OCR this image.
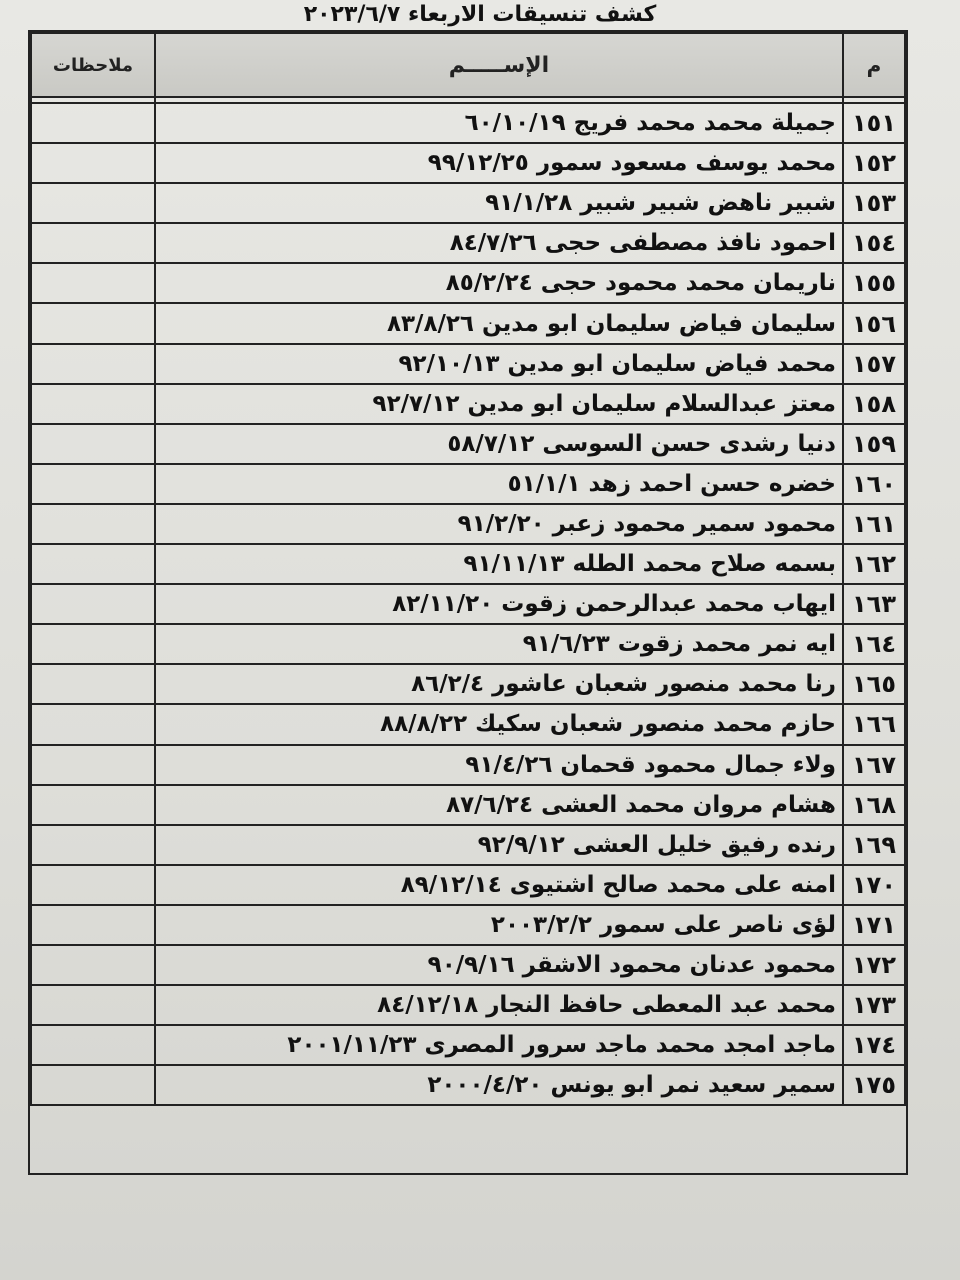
كشف تنسيقات الاربعاء ٢٠٢٣/٦/٧
م	الإســـــم	ملاحظات

١٥١	جميلة محمد محمد فريج ٦٠/١٠/١٩	
١٥٢	محمد يوسف مسعود سمور ٩٩/١٢/٢٥	
١٥٣	شبير ناهض شبير شبير ٩١/١/٢٨	
١٥٤	احمود نافذ مصطفى حجى ٨٤/٧/٢٦	
١٥٥	ناريمان محمد محمود حجى ٨٥/٢/٢٤	
١٥٦	سليمان فياض سليمان ابو مدين ٨٣/٨/٢٦	
١٥٧	محمد فياض سليمان ابو مدين ٩٢/١٠/١٣	
١٥٨	معتز عبدالسلام سليمان ابو مدين ٩٢/٧/١٢	
١٥٩	دنيا رشدى حسن السوسى ٥٨/٧/١٢	
١٦٠	خضره حسن احمد زهد ٥١/١/١	
١٦١	محمود سمير محمود زعبر ٩١/٢/٢٠	
١٦٢	بسمه صلاح محمد الطله ٩١/١١/١٣	
١٦٣	ايهاب محمد عبدالرحمن زقوت ٨٢/١١/٢٠	
١٦٤	ايه نمر محمد زقوت ٩١/٦/٢٣	
١٦٥	رنا محمد منصور شعبان عاشور ٨٦/٢/٤	
١٦٦	حازم محمد منصور شعبان سكيك ٨٨/٨/٢٢	
١٦٧	ولاء جمال محمود قحمان ٩١/٤/٢٦	
١٦٨	هشام مروان محمد العشى ٨٧/٦/٢٤	
١٦٩	رنده رفيق خليل العشى ٩٢/٩/١٢	
١٧٠	امنه على محمد صالح اشتيوى ٨٩/١٢/١٤	
١٧١	لؤى ناصر على سمور ٢٠٠٣/٢/٢	
١٧٢	محمود عدنان محمود الاشقر ٩٠/٩/١٦	
١٧٣	محمد عبد المعطى حافظ النجار ٨٤/١٢/١٨	
١٧٤	ماجد امجد محمد ماجد سرور المصرى ٢٠٠١/١١/٢٣	
١٧٥	سمير سعيد نمر ابو يونس ٢٠٠٠/٤/٢٠	
